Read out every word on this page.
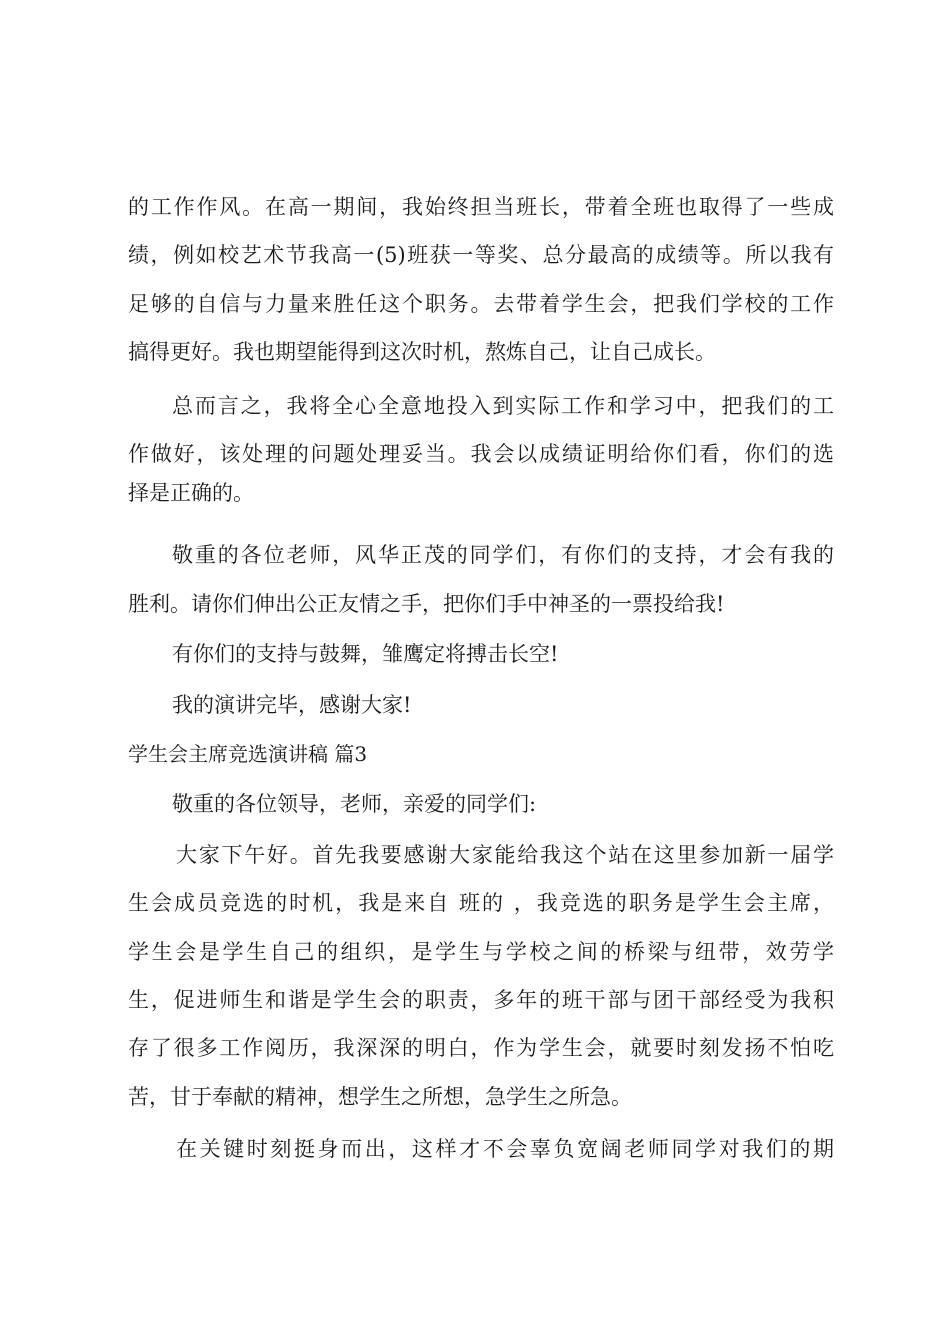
的工作作风。在高一期间，我始终担当班长，带着全班也取得了一些成
绩，例如校艺术节我高一(5)班获一等奖、总分最高的成绩等。所以我有
足够的自信与力量来胜任这个职务。去带着学生会，把我们学校的工作
搞得更好。我也期望能得到这次时机，熬炼自己，让自己成长。
总而言之，我将全心全意地投入到实际工作和学习中，把我们的工
作做好，该处理的问题处理妥当。我会以成绩证明给你们看，你们的选
择是正确的。
敬重的各位老师，风华正茂的同学们，有你们的支持，才会有我的
胜利。请你们伸出公正友情之手，把你们手中神圣的一票投给我!
有你们的支持与鼓舞，雏鹰定将搏击长空!
我的演讲完毕，感谢大家!
学生会主席竞选演讲稿 篇3
敬重的各位领导，老师，亲爱的同学们:
大家下午好。首先我要感谢大家能给我这个站在这里参加新一届学
生会成员竞选的时机，我是来自 班的 ，我竞选的职务是学生会主席，
学生会是学生自己的组织，是学生与学校之间的桥梁与纽带，效劳学
生，促进师生和谐是学生会的职责，多年的班干部与团干部经受为我积
存了很多工作阅历，我深深的明白，作为学生会，就要时刻发扬不怕吃
苦，甘于奉献的精神，想学生之所想，急学生之所急。
在关键时刻挺身而出，这样才不会辜负宽阔老师同学对我们的期
